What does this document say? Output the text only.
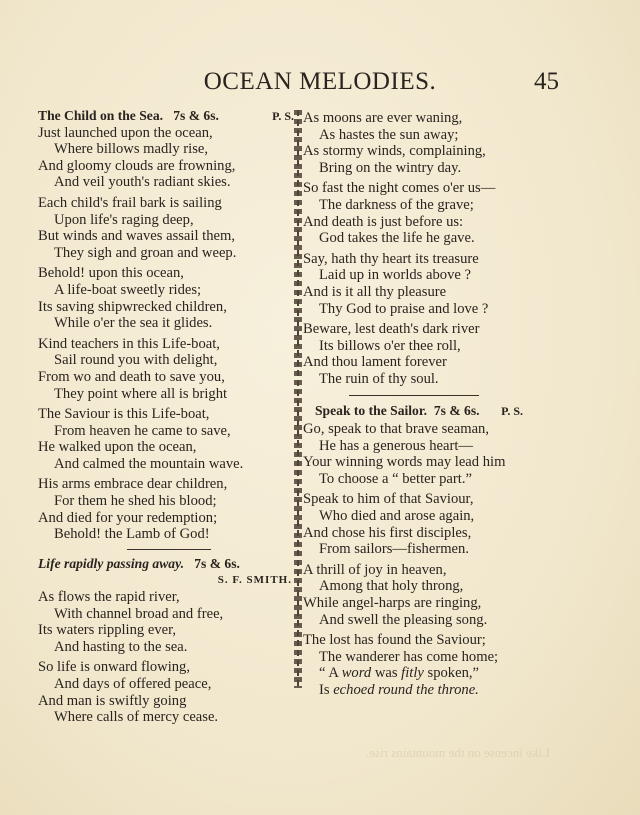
OCEAN MELODIES.	45
The Child on the Sea. 7s & 6s.	P. S.
Just launched upon the ocean,
Where billows madly rise,
And gloomy clouds are frowning,
And veil youth's radiant skies.
Each child's frail bark is sailing
Upon life's raging deep,
But winds and waves assail them,
They sigh and groan and weep.
Behold! upon this ocean,
A life-boat sweetly rides;
Its saving shipwrecked children,
While o'er the sea it glides.
Kind teachers in this Life-boat,
Sail round you with delight,
From wo and death to save you,
They point where all is bright
The Saviour is this Life-boat,
From heaven he came to save,
He walked upon the ocean,
And calmed the mountain wave.
His arms embrace dear children,
For them he shed his blood;
And died for your redemption;
Behold! the Lamb of God!
Life rapidly passing away. 7s & 6s.
S. F. SMITH.
As flows the rapid river,
With channel broad and free,
Its waters rippling ever,
And hasting to the sea.
So life is onward flowing,
And days of offered peace,
And man is swiftly going
Where calls of mercy cease.
As moons are ever waning,
As hastes the sun away;
As stormy winds, complaining,
Bring on the wintry day.
So fast the night comes o'er us—
The darkness of the grave;
And death is just before us:
God takes the life he gave.
Say, hath thy heart its treasure
Laid up in worlds above ?
And is it all thy pleasure
Thy God to praise and love ?
Beware, lest death's dark river
Its billows o'er thee roll,
And thou lament forever
The ruin of thy soul.
Speak to the Sailor. 7s & 6s. P. S.
Go, speak to that brave seaman,
He has a generous heart—
Your winning words may lead him
To choose a “ better part.”
Speak to him of that Saviour,
Who died and arose again,
And chose his first disciples,
From sailors—fishermen.
A thrill of joy in heaven,
Among that holy throng,
While angel-harps are ringing,
And swell the pleasing song.
The lost has found the Saviour;
The wanderer has come home;
“ A word was fitly spoken,”
Is echoed round the throne.
Like incense on the mountains rise.
